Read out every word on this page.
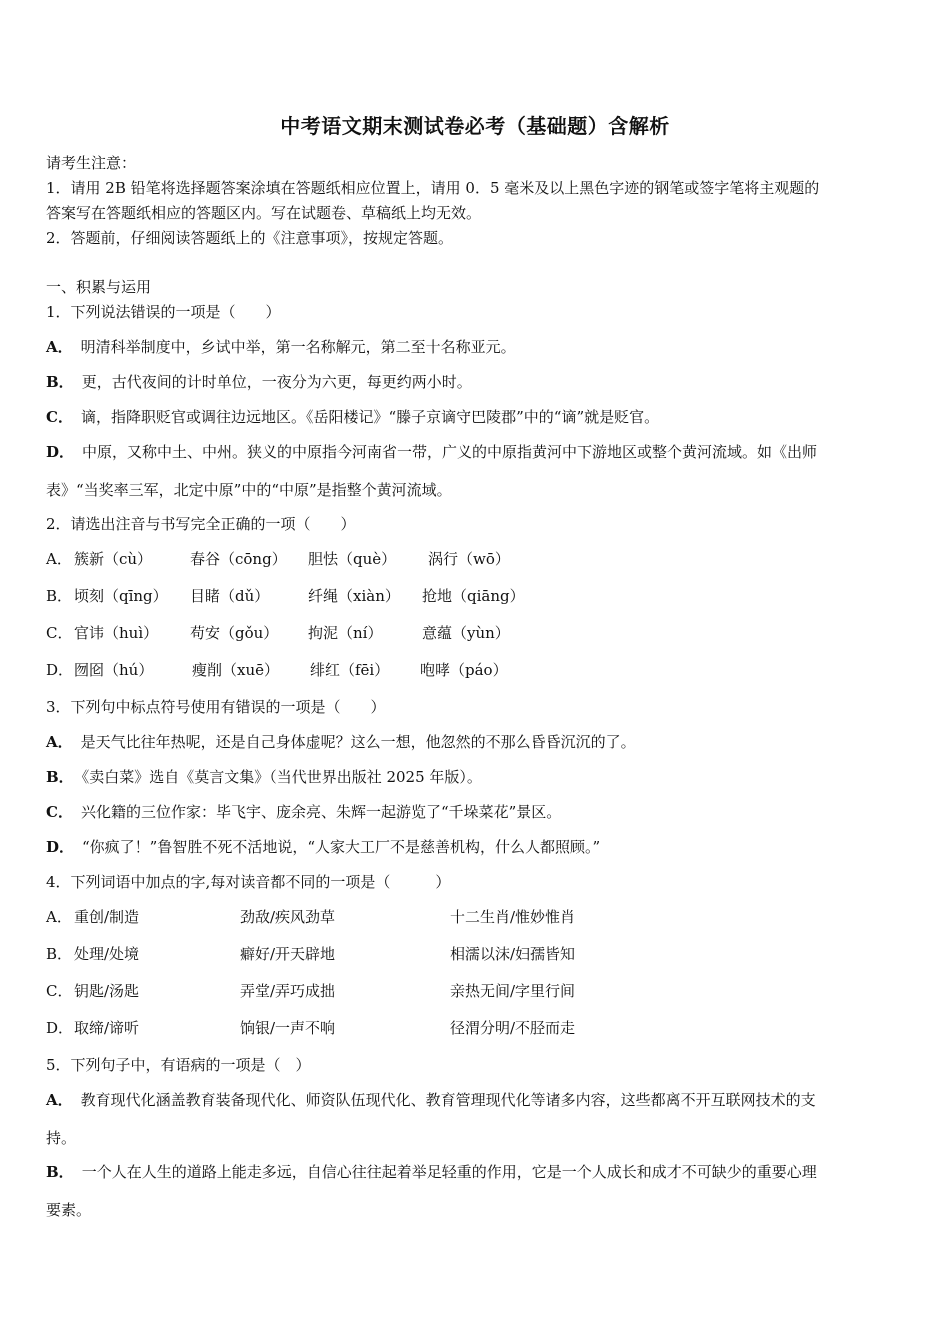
中考语文期末测试卷必考（基础题）含解析
请考生注意：
1．请用 2B 铅笔将选择题答案涂填在答题纸相应位置上，请用 0．5 毫米及以上黑色字迹的钢笔或签字笔将主观题的
答案写在答题纸相应的答题区内。写在试题卷、草稿纸上均无效。
2．答题前，仔细阅读答题纸上的《注意事项》，按规定答题。
一、积累与运用
1．下列说法错误的一项是（　　）
A． 明清科举制度中，乡试中举，第一名称解元，第二至十名称亚元。
B． 更，古代夜间的计时单位，一夜分为六更，每更约两小时。
C． 谪，指降职贬官或调往边远地区。《岳阳楼记》“滕子京谪守巴陵郡”中的“谪”就是贬官。
D． 中原，又称中土、中州。狭义的中原指今河南省一带，广义的中原指黄河中下游地区或整个黄河流域。如《出师
表》“当奖率三军，北定中原”中的“中原”是指整个黄河流域。
2．请选出注音与书写完全正确的一项（　　）
A． 簇新（cù）	春谷（cōng） 胆怯（què） 涡行（wō）
B． 顷刻（qīng） 目睹（dǔ）	纤绳（xiàn） 抢地（qiāng）
C． 官讳（huì） 苟安（gǒu） 拘泥（ní）	意蕴（yùn）
D． 囫囵（hú）	瘦削（xuē） 绯红（fēi） 咆哮（páo）
3．下列句中标点符号使用有错误的一项是（　　）
A． 是天气比往年热呢，还是自己身体虚呢？这么一想，他忽然的不那么昏昏沉沉的了。
B． 《卖白菜》选自《莫言文集》（当代世界出版社 2025 年版）。
C． 兴化籍的三位作家：毕飞宇、庞余亮、朱辉一起游览了“千垛菜花”景区。
D． “你疯了！”鲁智胜不死不活地说，“人家大工厂不是慈善机构，什么人都照顾。”
4．下列词语中加点的字,每对读音都不同的一项是（　　　）
A． 重创/制造	劲敌/疾风劲草	十二生肖/惟妙惟肖
B． 处理/处境	癖好/开天辟地	相濡以沫/妇孺皆知
C． 钥匙/汤匙	弄堂/弄巧成拙	亲热无间/字里行间
D． 取缔/谛听	饷银/一声不响	径渭分明/不胫而走
5．下列句子中，有语病的一项是（　）
A． 教育现代化涵盖教育装备现代化、师资队伍现代化、教育管理现代化等诸多内容，这些都离不开互联网技术的支
持。
B． 一个人在人生的道路上能走多远，自信心往往起着举足轻重的作用，它是一个人成长和成才不可缺少的重要心理
要素。
